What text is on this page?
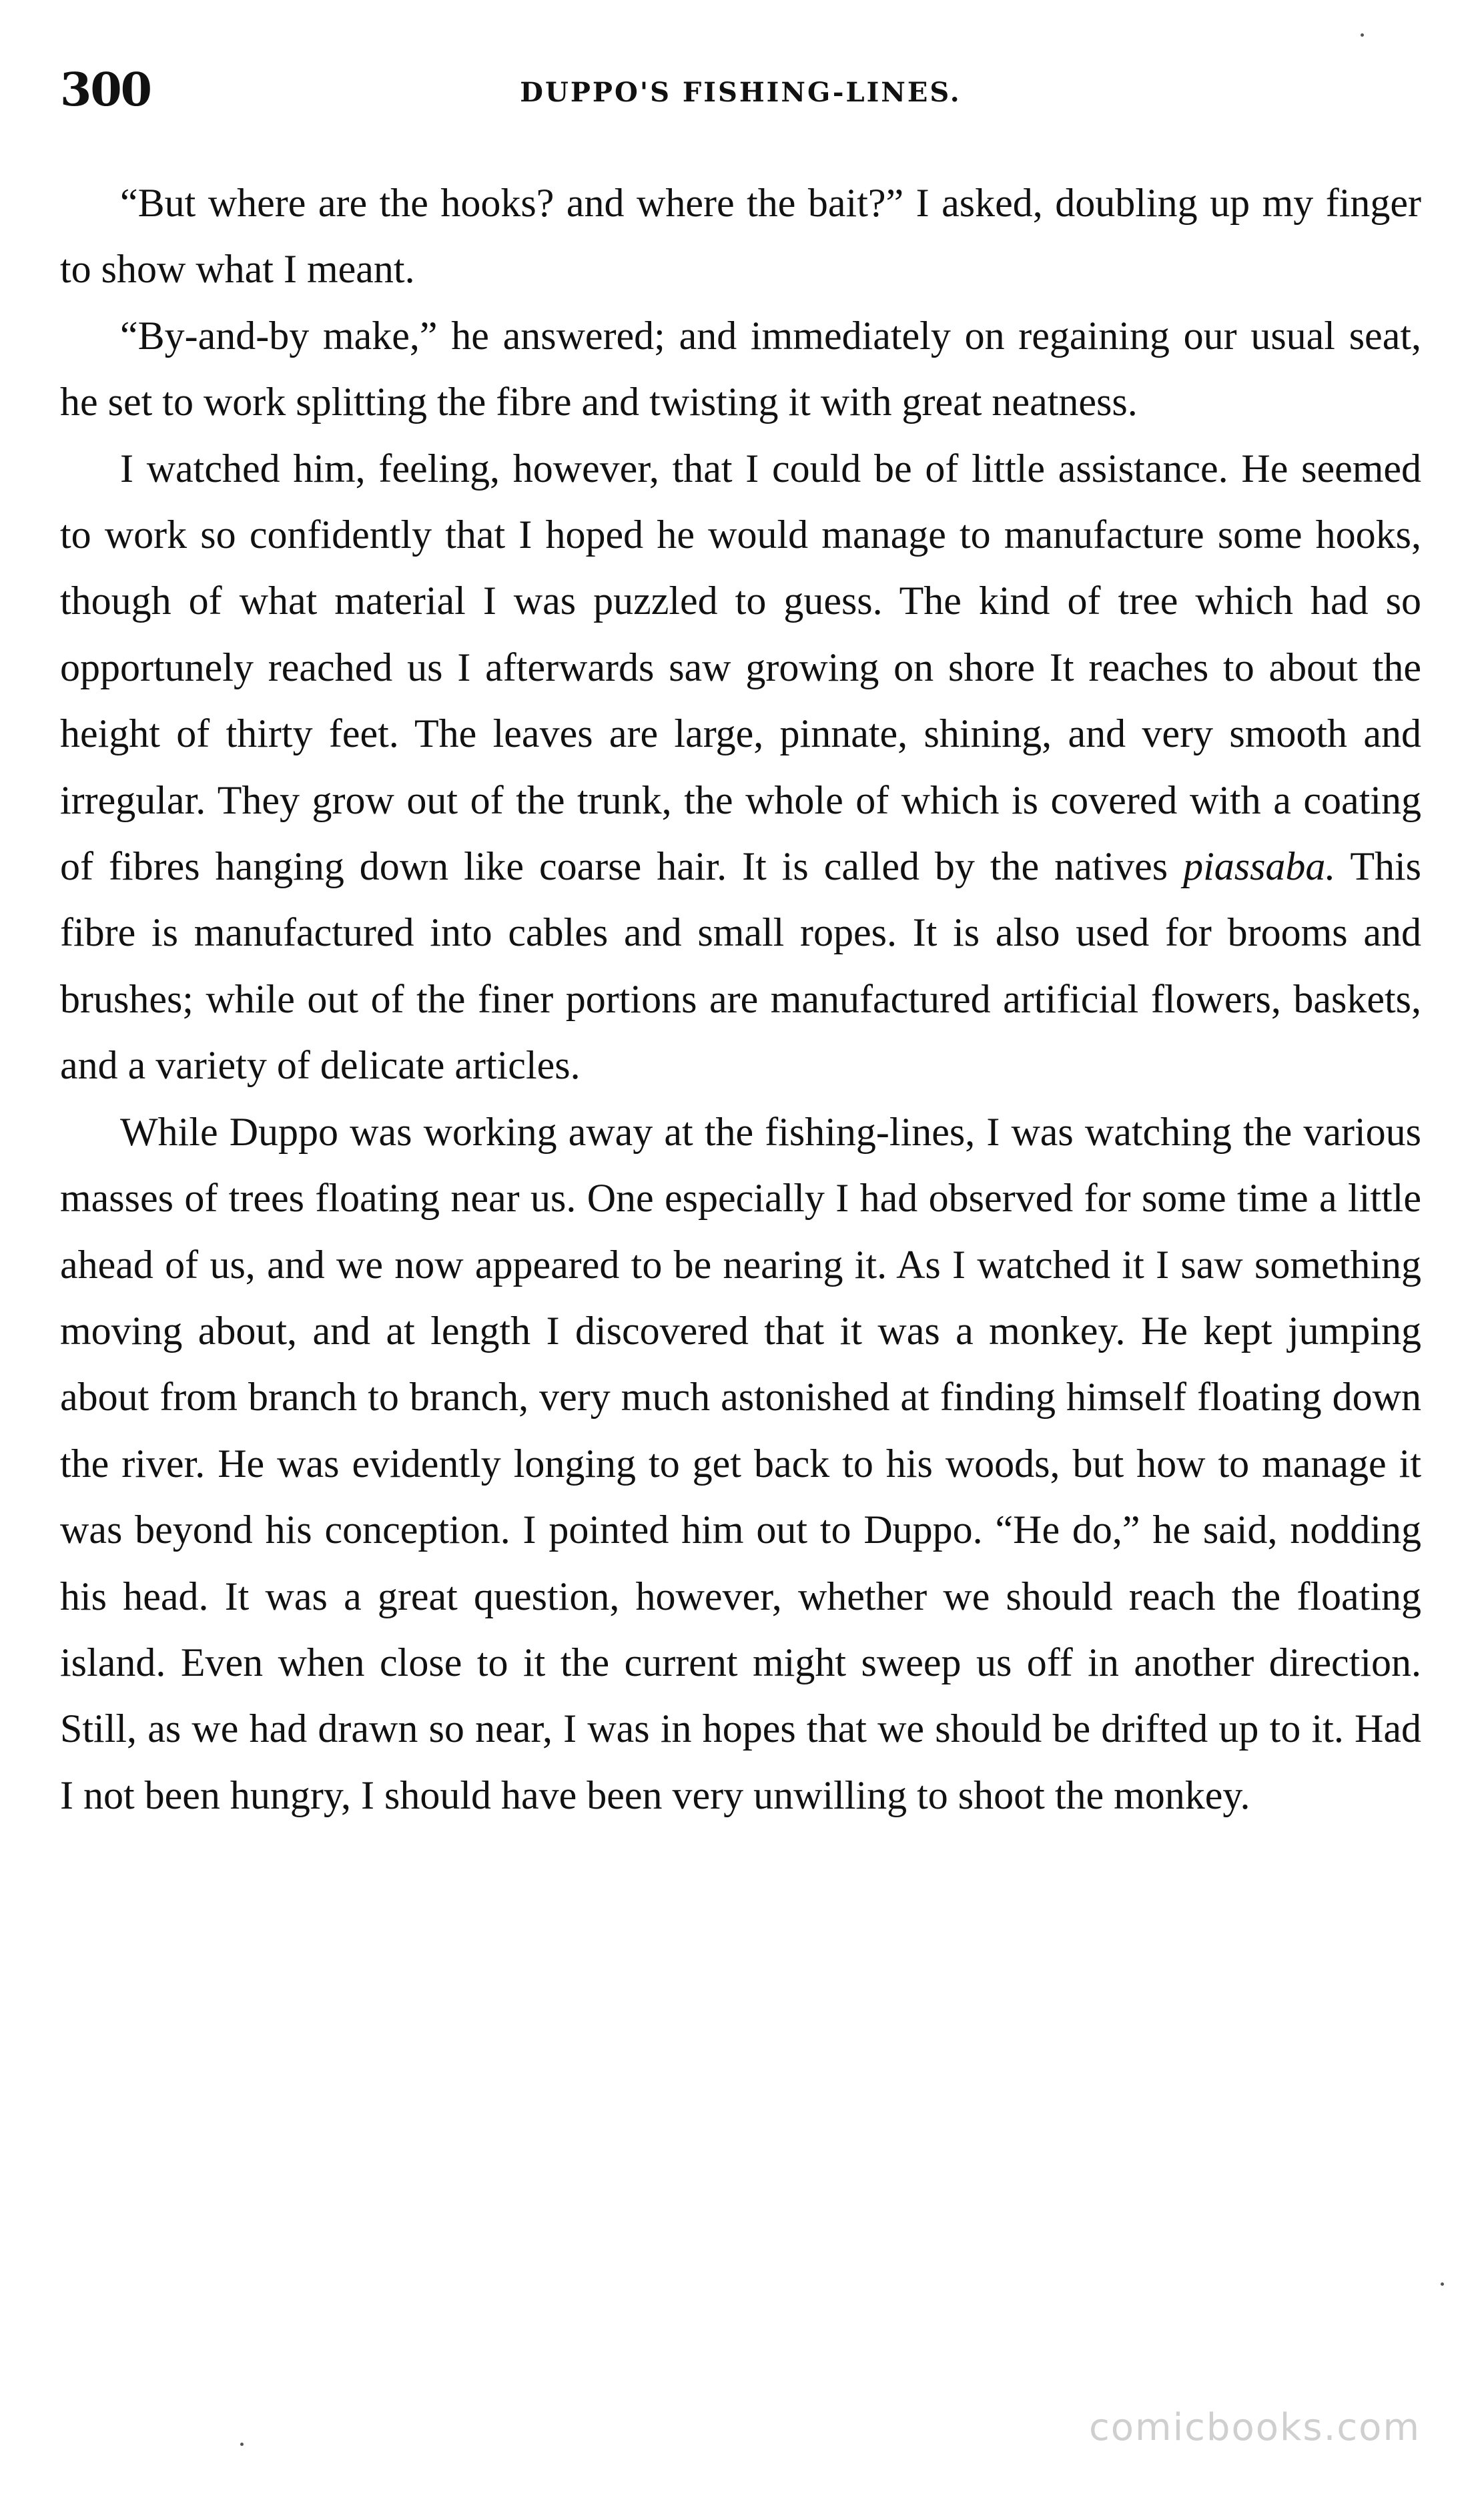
300	DUPPO'S FISHING-LINES.

“But where are the hooks? and where the bait?” I asked, doubling up my finger to show what I meant.

“By-and-by make,” he answered; and immediately on regaining our usual seat, he set to work splitting the fibre and twisting it with great neatness.

I watched him, feeling, however, that I could be of little assistance. He seemed to work so confidently that I hoped he would manage to manufacture some hooks, though of what material I was puzzled to guess. The kind of tree which had so opportunely reached us I afterwards saw growing on shore It reaches to about the height of thirty feet. The leaves are large, pinnate, shining, and very smooth and irregular. They grow out of the trunk, the whole of which is covered with a coating of fibres hanging down like coarse hair. It is called by the natives piassaba. This fibre is manufactured into cables and small ropes. It is also used for brooms and brushes; while out of the finer portions are manufactured artificial flowers, baskets, and a variety of delicate articles.

While Duppo was working away at the fishing-lines, I was watching the various masses of trees floating near us. One especially I had observed for some time a little ahead of us, and we now appeared to be nearing it. As I watched it I saw something moving about, and at length I discovered that it was a monkey. He kept jumping about from branch to branch, very much astonished at finding himself floating down the river. He was evidently longing to get back to his woods, but how to manage it was beyond his conception. I pointed him out to Duppo. “He do,” he said, nodding his head. It was a great question, however, whether we should reach the floating island. Even when close to it the current might sweep us off in another direction. Still, as we had drawn so near, I was in hopes that we should be drifted up to it. Had I not been hungry, I should have been very unwilling to shoot the monkey.

comicbooks.com
